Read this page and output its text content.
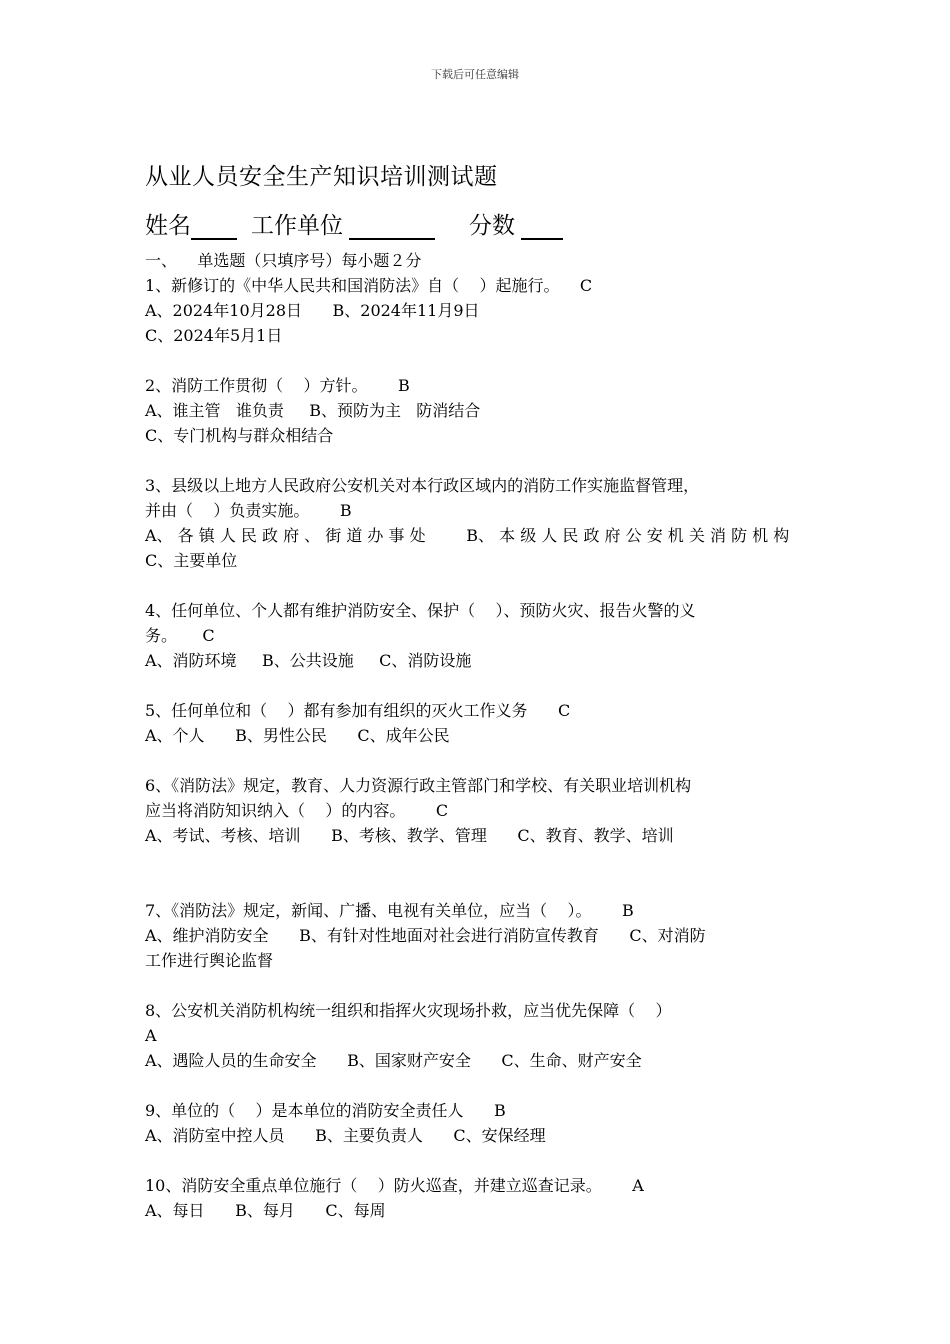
下载后可任意编辑
从业人员安全生产知识培训测试题
姓名	工作单位	分数

一、    单选题（只填序号）每小题２分

1、新修订的《中华人民共和国消防法》自（    ）起施行。    C

A、2024年10月28日      B、2024年11月9日

C、2024年5月1日

2、消防工作贯彻（    ）方针。      B

A、谁主管   谁负责     B、预防为主   防消结合

C、专门机构与群众相结合

3、县级以上地方人民政府公安机关对本行政区域内的消防工作实施监督管理，

并由（    ）负责实施。      B

A、 各 镇 人 民 政 府 、 街 道 办 事 处        B、 本 级 人 民 政 府 公 安 机 关 消 防 机 构

C、主要单位

4、任何单位、个人都有维护消防安全、保护（    ）、预防火灾、报告火警的义

务。     C

A、消防环境     B、公共设施     C、消防设施

5、任何单位和（    ）都有参加有组织的灭火工作义务      C

A、个人      B、男性公民      C、成年公民

6、《消防法》规定，教育、人力资源行政主管部门和学校、有关职业培训机构

应当将消防知识纳入（    ）的内容。      C

A、考试、考核、培训      B、考核、教学、管理      C、教育、教学、培训

7、《消防法》规定，新闻、广播、电视有关单位，应当（    ）。      B

A、维护消防安全      B、有针对性地面对社会进行消防宣传教育      C、对消防

工作进行舆论监督

8、公安机关消防机构统一组织和指挥火灾现场扑救，应当优先保障（    ）

A

A、遇险人员的生命安全      B、国家财产安全      C、生命、财产安全

9、单位的（    ）是本单位的消防安全责任人      B

A、消防室中控人员      B、主要负责人      C、安保经理

10、消防安全重点单位施行（    ）防火巡查，并建立巡查记录。      A

A、每日      B、每月      C、每周
